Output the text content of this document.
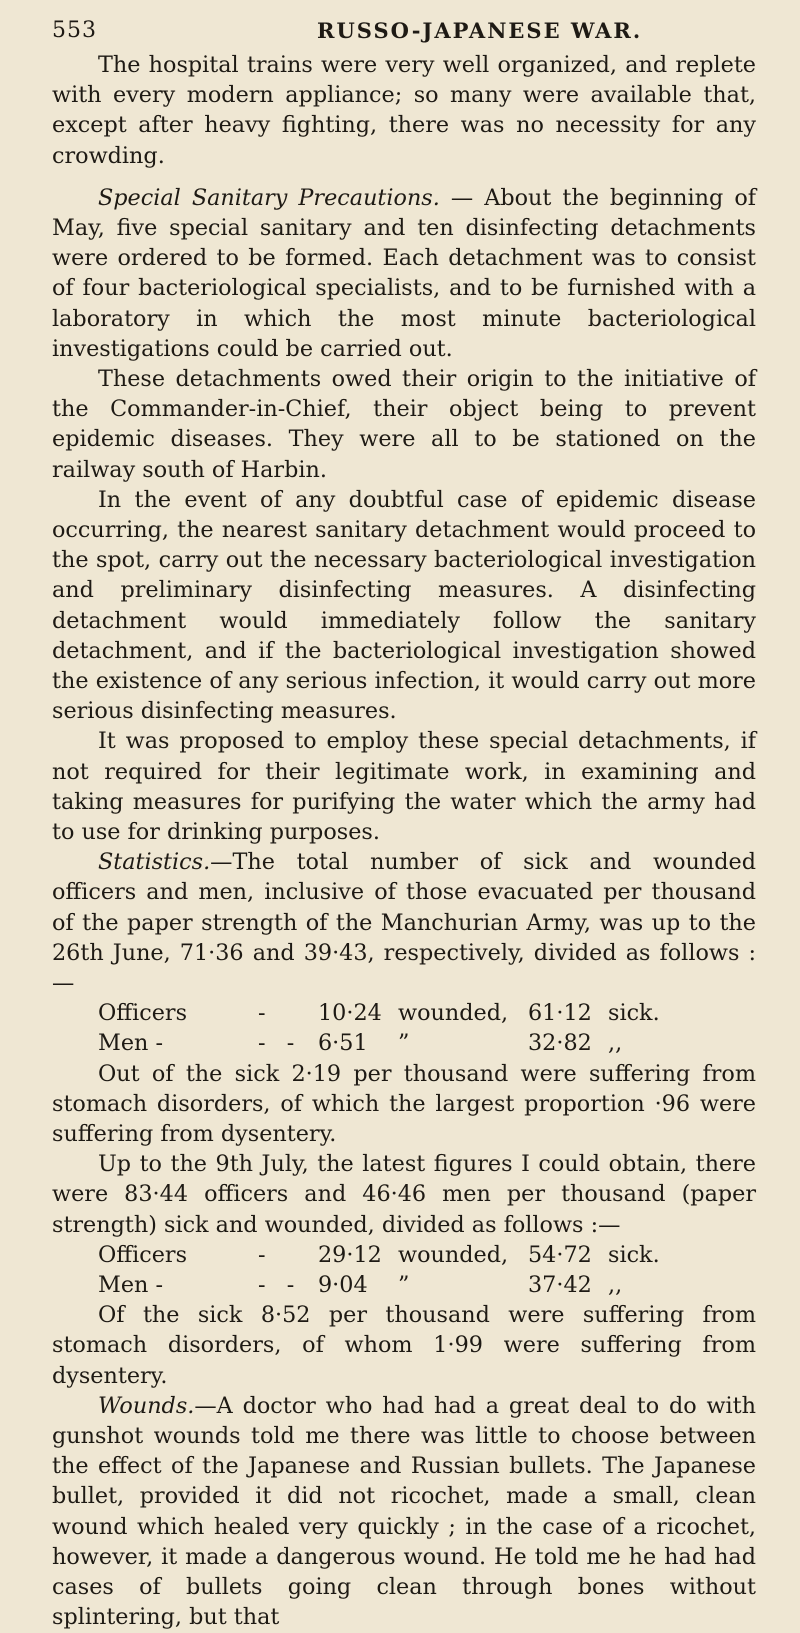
553	RUSSO-JAPANESE WAR.

The hospital trains were very well organized, and replete with every modern appliance; so many were available that, except after heavy fighting, there was no necessity for any crowding.

Special Sanitary Precautions. — About the beginning of May, five special sanitary and ten disinfecting detachments were ordered to be formed. Each detachment was to consist of four bacteriological specialists, and to be furnished with a laboratory in which the most minute bacteriological investigations could be carried out.

These detachments owed their origin to the initiative of the Commander-in-Chief, their object being to prevent epidemic diseases. They were all to be stationed on the railway south of Harbin.

In the event of any doubtful case of epidemic disease occurring, the nearest sanitary detachment would proceed to the spot, carry out the necessary bacteriological investigation and preliminary disinfecting measures. A disinfecting detachment would immediately follow the sanitary detachment, and if the bacteriological investigation showed the existence of any serious infection, it would carry out more serious disinfecting measures.

It was proposed to employ these special detachments, if not required for their legitimate work, in examining and taking measures for purifying the water which the army had to use for drinking purposes.

Statistics.—The total number of sick and wounded officers and men, inclusive of those evacuated per thousand of the paper strength of the Manchurian Army, was up to the 26th June, 71·36 and 39·43, respectively, divided as follows :—

Officers	-	10·24 wounded, 61·12 sick.
Men -	-   -	6·51	”	32·82 ,,

Out of the sick 2·19 per thousand were suffering from stomach disorders, of which the largest proportion ·96 were suffering from dysentery.

Up to the 9th July, the latest figures I could obtain, there were 83·44 officers and 46·46 men per thousand (paper strength) sick and wounded, divided as follows :—

Officers	-	29·12 wounded, 54·72 sick.
Men -	-   -	9·04	”	37·42 ,,

Of the sick 8·52 per thousand were suffering from stomach disorders, of whom 1·99 were suffering from dysentery.

Wounds.—A doctor who had had a great deal to do with gunshot wounds told me there was little to choose between the effect of the Japanese and Russian bullets. The Japanese bullet, provided it did not ricochet, made a small, clean wound which healed very quickly ; in the case of a ricochet, however, it made a dangerous wound. He told me he had had cases of bullets going clean through bones without splintering, but that
